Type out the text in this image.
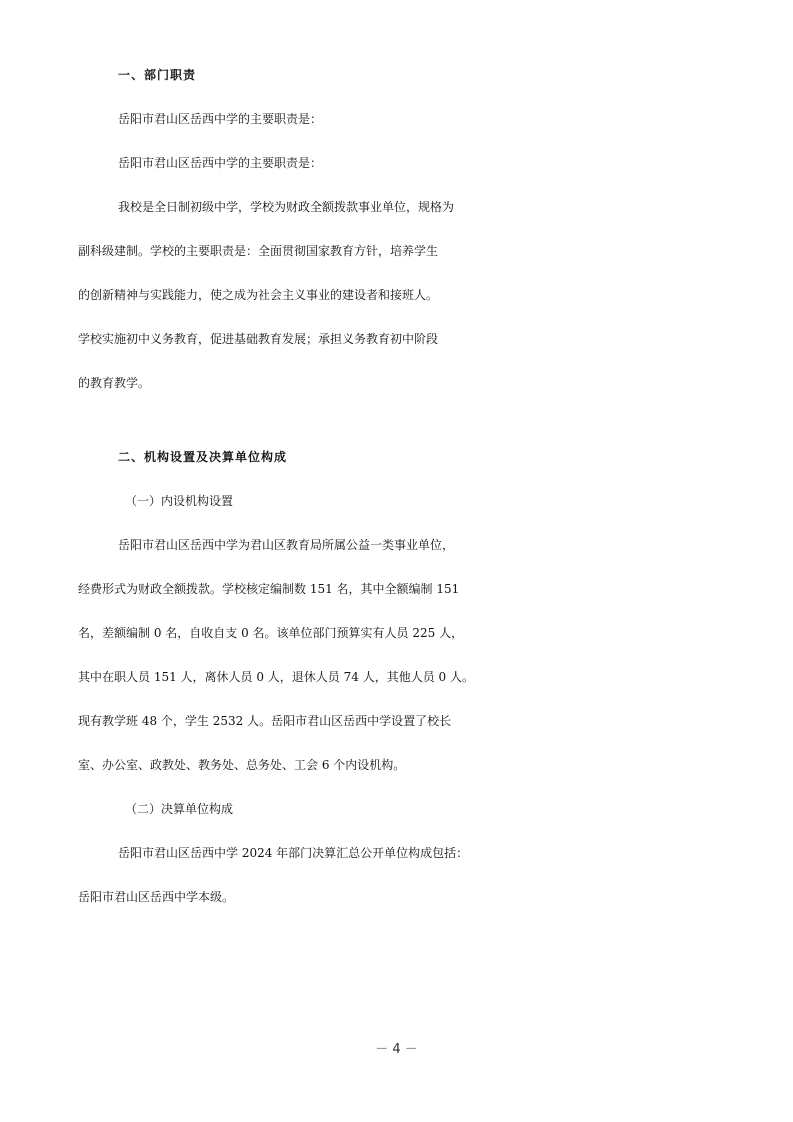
一、部门职责
岳阳市君山区岳西中学的主要职责是：
岳阳市君山区岳西中学的主要职责是：
我校是全日制初级中学，学校为财政全额拨款事业单位，规格为
副科级建制。学校的主要职责是：全面贯彻国家教育方针，培养学生
的创新精神与实践能力，使之成为社会主义事业的建设者和接班人。
学校实施初中义务教育，促进基础教育发展；承担义务教育初中阶段
的教育教学。
二、机构设置及决算单位构成
（一）内设机构设置
岳阳市君山区岳西中学为君山区教育局所属公益一类事业单位，
经费形式为财政全额拨款。学校核定编制数 151 名，其中全额编制 151
名，差额编制 0 名，自收自支 0 名。该单位部门预算实有人员 225 人，
其中在职人员 151 人，离休人员 0 人，退休人员 74 人，其他人员 0 人。
现有教学班 48 个，学生 2532 人。岳阳市君山区岳西中学设置了校长
室、办公室、政教处、教务处、总务处、工会 6 个内设机构。
（二）决算单位构成
岳阳市君山区岳西中学 2024 年部门决算汇总公开单位构成包括：
岳阳市君山区岳西中学本级。
－ 4 －
